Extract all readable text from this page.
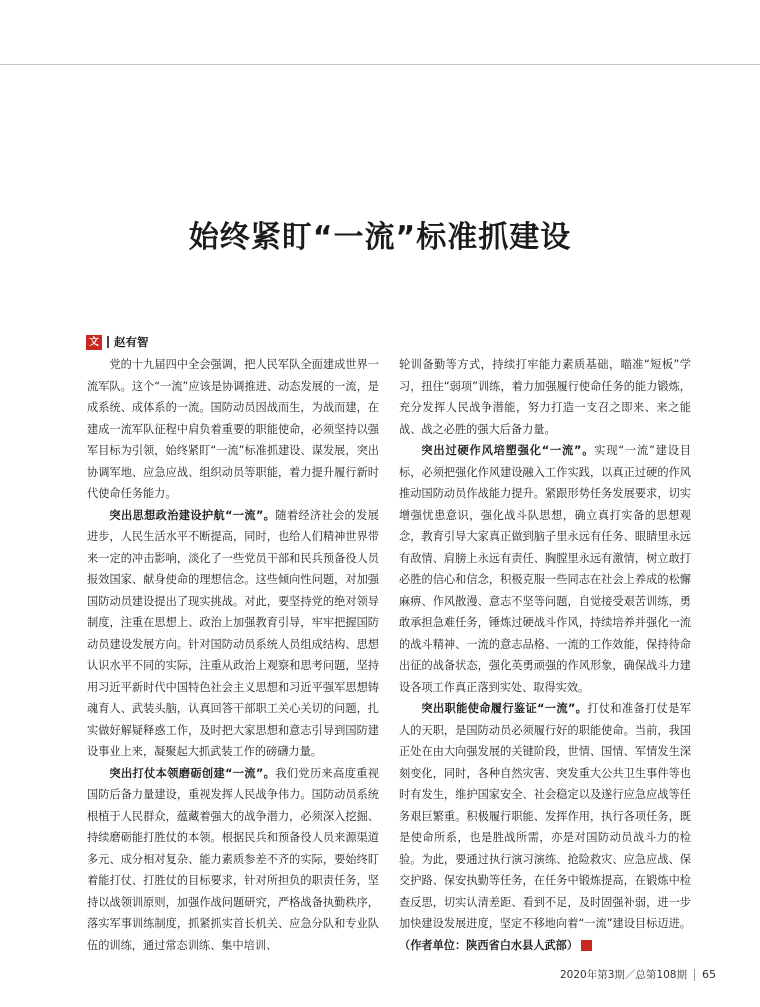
始终紧盯“一流”标准抓建设
文 赵有智

党的十九届四中全会强调，把人民军队全面建成世界一流军队。这个“一流”应该是协调推进、动态发展的一流，是成系统、成体系的一流。国防动员因战而生，为战而建，在建成一流军队征程中肩负着重要的职能使命，必须坚持以强军目标为引领，始终紧盯“一流”标准抓建设、谋发展，突出协调军地、应急应战、组织动员等职能，着力提升履行新时代使命任务能力。

突出思想政治建设护航“一流”。随着经济社会的发展进步，人民生活水平不断提高，同时，也给人们精神世界带来一定的冲击影响，淡化了一些党员干部和民兵预备役人员报效国家、献身使命的理想信念。这些倾向性问题，对加强国防动员建设提出了现实挑战。对此，要坚持党的绝对领导制度，注重在思想上、政治上加强教育引导，牢牢把握国防动员建设发展方向。针对国防动员系统人员组成结构、思想认识水平不同的实际，注重从政治上观察和思考问题，坚持用习近平新时代中国特色社会主义思想和习近平强军思想铸魂育人、武装头脑，认真回答干部职工关心关切的问题，扎实做好解疑释惑工作，及时把大家思想和意志引导到国防建设事业上来，凝聚起大抓武装工作的磅礴力量。

突出打仗本领磨砺创建“一流”。我们党历来高度重视国防后备力量建设，重视发挥人民战争伟力。国防动员系统根植于人民群众，蕴藏着强大的战争潜力，必须深入挖掘、持续磨砺能打胜仗的本领。根据民兵和预备役人员来源渠道多元、成分相对复杂、能力素质参差不齐的实际，要始终盯着能打仗、打胜仗的目标要求，针对所担负的职责任务，坚持以战领训原则，加强作战问题研究，严格战备执勤秩序，落实军事训练制度，抓紧抓实首长机关、应急分队和专业队伍的训练，通过常态训练、集中培训、

轮训备勤等方式，持续打牢能力素质基础，瞄准“短板”学习，扭住“弱项”训练，着力加强履行使命任务的能力锻炼，充分发挥人民战争潜能，努力打造一支召之即来、来之能战、战之必胜的强大后备力量。

突出过硬作风培塑强化“一流”。实现“一流”建设目标，必须把强化作风建设融入工作实践，以真正过硬的作风推动国防动员作战能力提升。紧跟形势任务发展要求，切实增强忧患意识，强化战斗队思想，确立真打实备的思想观念，教育引导大家真正做到脑子里永远有任务、眼睛里永远有敌情、肩膀上永远有责任、胸膛里永远有激情，树立敢打必胜的信心和信念，积极克服一些同志在社会上养成的松懈麻痹、作风散漫、意志不坚等问题，自觉接受艰苦训练，勇敢承担急难任务，锤炼过硬战斗作风，持续培养并强化一流的战斗精神、一流的意志品格、一流的工作效能，保持待命出征的战备状态，强化英勇顽强的作风形象，确保战斗力建设各项工作真正落到实处、取得实效。

突出职能使命履行鉴证“一流”。打仗和准备打仗是军人的天职，是国防动员必须履行好的职能使命。当前，我国正处在由大向强发展的关键阶段，世情、国情、军情发生深刻变化，同时，各种自然灾害、突发重大公共卫生事件等也时有发生，维护国家安全、社会稳定以及遂行应急应战等任务艰巨繁重。积极履行职能、发挥作用，执行各项任务，既是使命所系，也是胜战所需，亦是对国防动员战斗力的检验。为此，要通过执行演习演练、抢险救灾、应急应战、保交护路、保安执勤等任务，在任务中锻炼提高，在锻炼中检查反思，切实认清差距、看到不足，及时固强补弱，进一步加快建设发展进度，坚定不移地向着“一流”建设目标迈进。（作者单位：陕西省白水县人武部）	G

2020年第3期／总第108期 65
